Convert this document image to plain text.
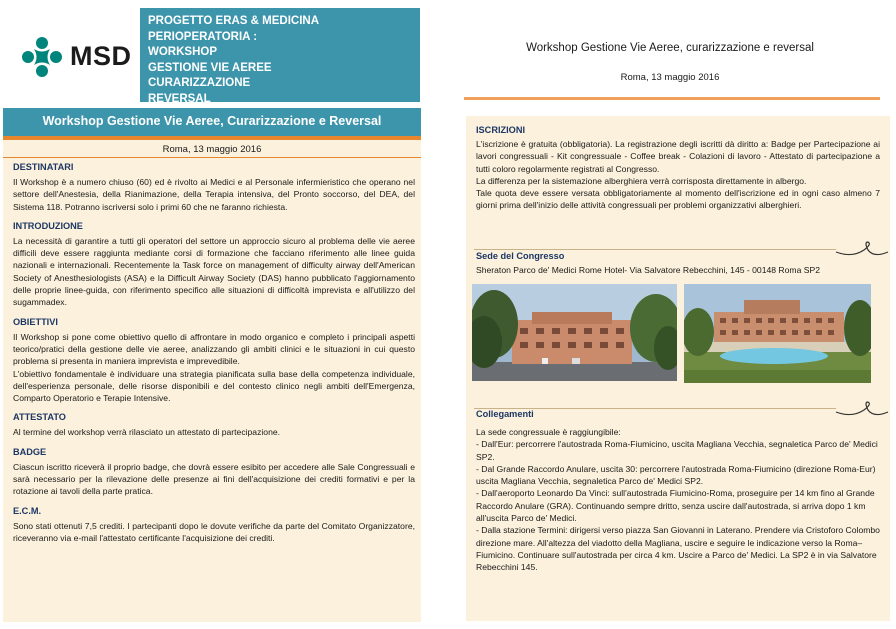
MSD
PROGETTO ERAS & MEDICINA PERIOPERATORIA :
WORKSHOP
GESTIONE VIE AEREE
CURARIZZAZIONE
REVERSAL
Workshop Gestione Vie Aeree, Curarizzazione e Reversal
Roma, 13 maggio 2016
DESTINATARI

Il Workshop è a numero chiuso (60) ed è rivolto ai Medici e al Personale infermieristico che operano nel settore dell'Anestesia, della Rianimazione, della Terapia intensiva, del Pronto soccorso, del DEA, del Sistema 118. Potranno iscriversi solo i primi 60 che ne faranno richiesta.

INTRODUZIONE

La necessità di garantire a tutti gli operatori del settore un approccio sicuro al problema delle vie aeree difficili deve essere raggiunta mediante corsi di formazione che facciano riferimento alle linee guida nazionali e internazionali. Recentemente la Task force on management of difficulty airway dell'American Society of Anesthesiologists (ASA) e la Difficult Airway Society (DAS) hanno pubblicato l'aggiornamento delle proprie linee-guida, con riferimento specifico alle situazioni di difficoltà imprevista e all'utilizzo del sugammadex.

OBIETTIVI

Il Workshop si pone come obiettivo quello di affrontare in modo organico e completo i principali aspetti teorico/pratici della gestione delle vie aeree, analizzando gli ambiti clinici e le situazioni in cui questo problema si presenta in maniera imprevista e imprevedibile.

L'obiettivo fondamentale è individuare una strategia pianificata sulla base della competenza individuale, dell'esperienza personale, delle risorse disponibili e del contesto clinico negli ambiti dell'Emergenza, Comparto Operatorio e Terapie Intensive.

ATTESTATO

Al termine del workshop verrà rilasciato un attestato di partecipazione.

BADGE

Ciascun iscritto riceverà il proprio badge, che dovrà essere esibito per accedere alle Sale Congressuali e sarà necessario per la rilevazione delle presenze ai fini dell'acquisizione dei crediti formativi e per la rotazione ai tavoli della parte pratica.

E.C.M.

Sono stati ottenuti 7,5 crediti. I partecipanti dopo le dovute verifiche da parte del Comitato Organizzatore, riceveranno via e-mail l'attestato certificante l'acquisizione dei crediti.

Workshop Gestione Vie Aeree, curarizzazione e reversal
Roma, 13 maggio 2016
ISCRIZIONI

L'iscrizione è gratuita (obbligatoria). La registrazione degli iscritti dà diritto a: Badge per Partecipazione ai lavori congressuali - Kit congressuale - Coffee break - Colazioni di lavoro - Attestato di partecipazione a tutti coloro regolarmente registrati al Congresso.

La differenza per la sistemazione alberghiera verrà corrisposta direttamente in albergo.

Tale quota deve essere versata obbligatoriamente al momento dell'iscrizione ed in ogni caso almeno 7 giorni prima dell'inizio delle attività congressuali per problemi organizzativi alberghieri.

Sede del Congresso

Sheraton Parco de' Medici Rome Hotel- Via Salvatore Rebecchini, 145 - 00148 Roma SP2

Collegamenti

La sede congressuale è raggiungibile:

- Dall'Eur: percorrere l'autostrada Roma-Fiumicino, uscita Magliana Vecchia, segnaletica Parco de' Medici SP2.

- Dal Grande Raccordo Anulare, uscita 30: percorrere l'autostrada Roma-Fiumicino (direzione Roma-Eur) uscita Magliana Vecchia, segnaletica Parco de' Medici SP2.

- Dall'aeroporto Leonardo Da Vinci: sull'autostrada Fiumicino-Roma, proseguire per 14 km fino al Grande Raccordo Anulare (GRA). Continuando sempre dritto, senza uscire dall'autostrada, si arriva dopo 1 km all'uscita Parco de' Medici.

- Dalla stazione Termini: dirigersi verso piazza San Giovanni in Laterano. Prendere via Cristoforo Colombo direzione mare. All'altezza del viadotto della Magliana, uscire e seguire le indicazione verso la Roma–Fiumicino. Continuare sull'autostrada per circa 4 km. Uscire a Parco de' Medici. La SP2 è in via Salvatore Rebecchini 145.
